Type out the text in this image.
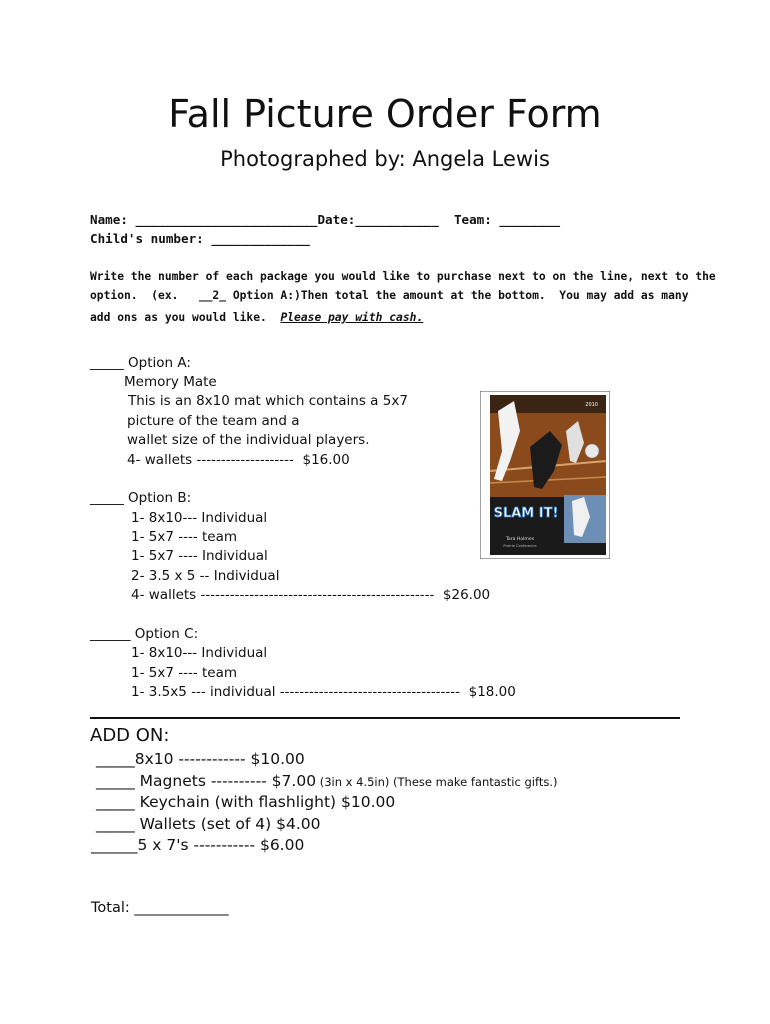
Fall Picture Order Form
Photographed by: Angela Lewis
Name: ________________________Date:___________  Team: ________
Child's number: _____________
Write the number of each package you would like to purchase next to on the line, next to the
option.  (ex.   __2_ Option A:)Then total the amount at the bottom.  You may add as many
add ons as you would like.  Please pay with cash.
_____ Option A:
Memory Mate
This is an 8x10 mat which contains a 5x7
picture of the team and a
wallet size of the individual players.
4- wallets --------------------  $16.00
_____ Option B:
1- 8x10--- Individual
1- 5x7 ---- team
1- 5x7 ---- Individual
2- 3.5 x 5 -- Individual
4- wallets ------------------------------------------------  $26.00
______ Option C:
1- 8x10--- Individual
1- 5x7 ---- team
1- 3.5x5 --- individual -------------------------------------  $18.00
2010
SLAM IT!
Tara Holmes
Prairie Conference
ADD ON:
_____8x10 ------------ $10.00
_____ Magnets ---------- $7.00 (3in x 4.5in) (These make fantastic gifts.)
_____ Keychain (with flashlight) $10.00
_____ Wallets (set of 4) $4.00
______5 x 7's ----------- $6.00
Total: _____________
